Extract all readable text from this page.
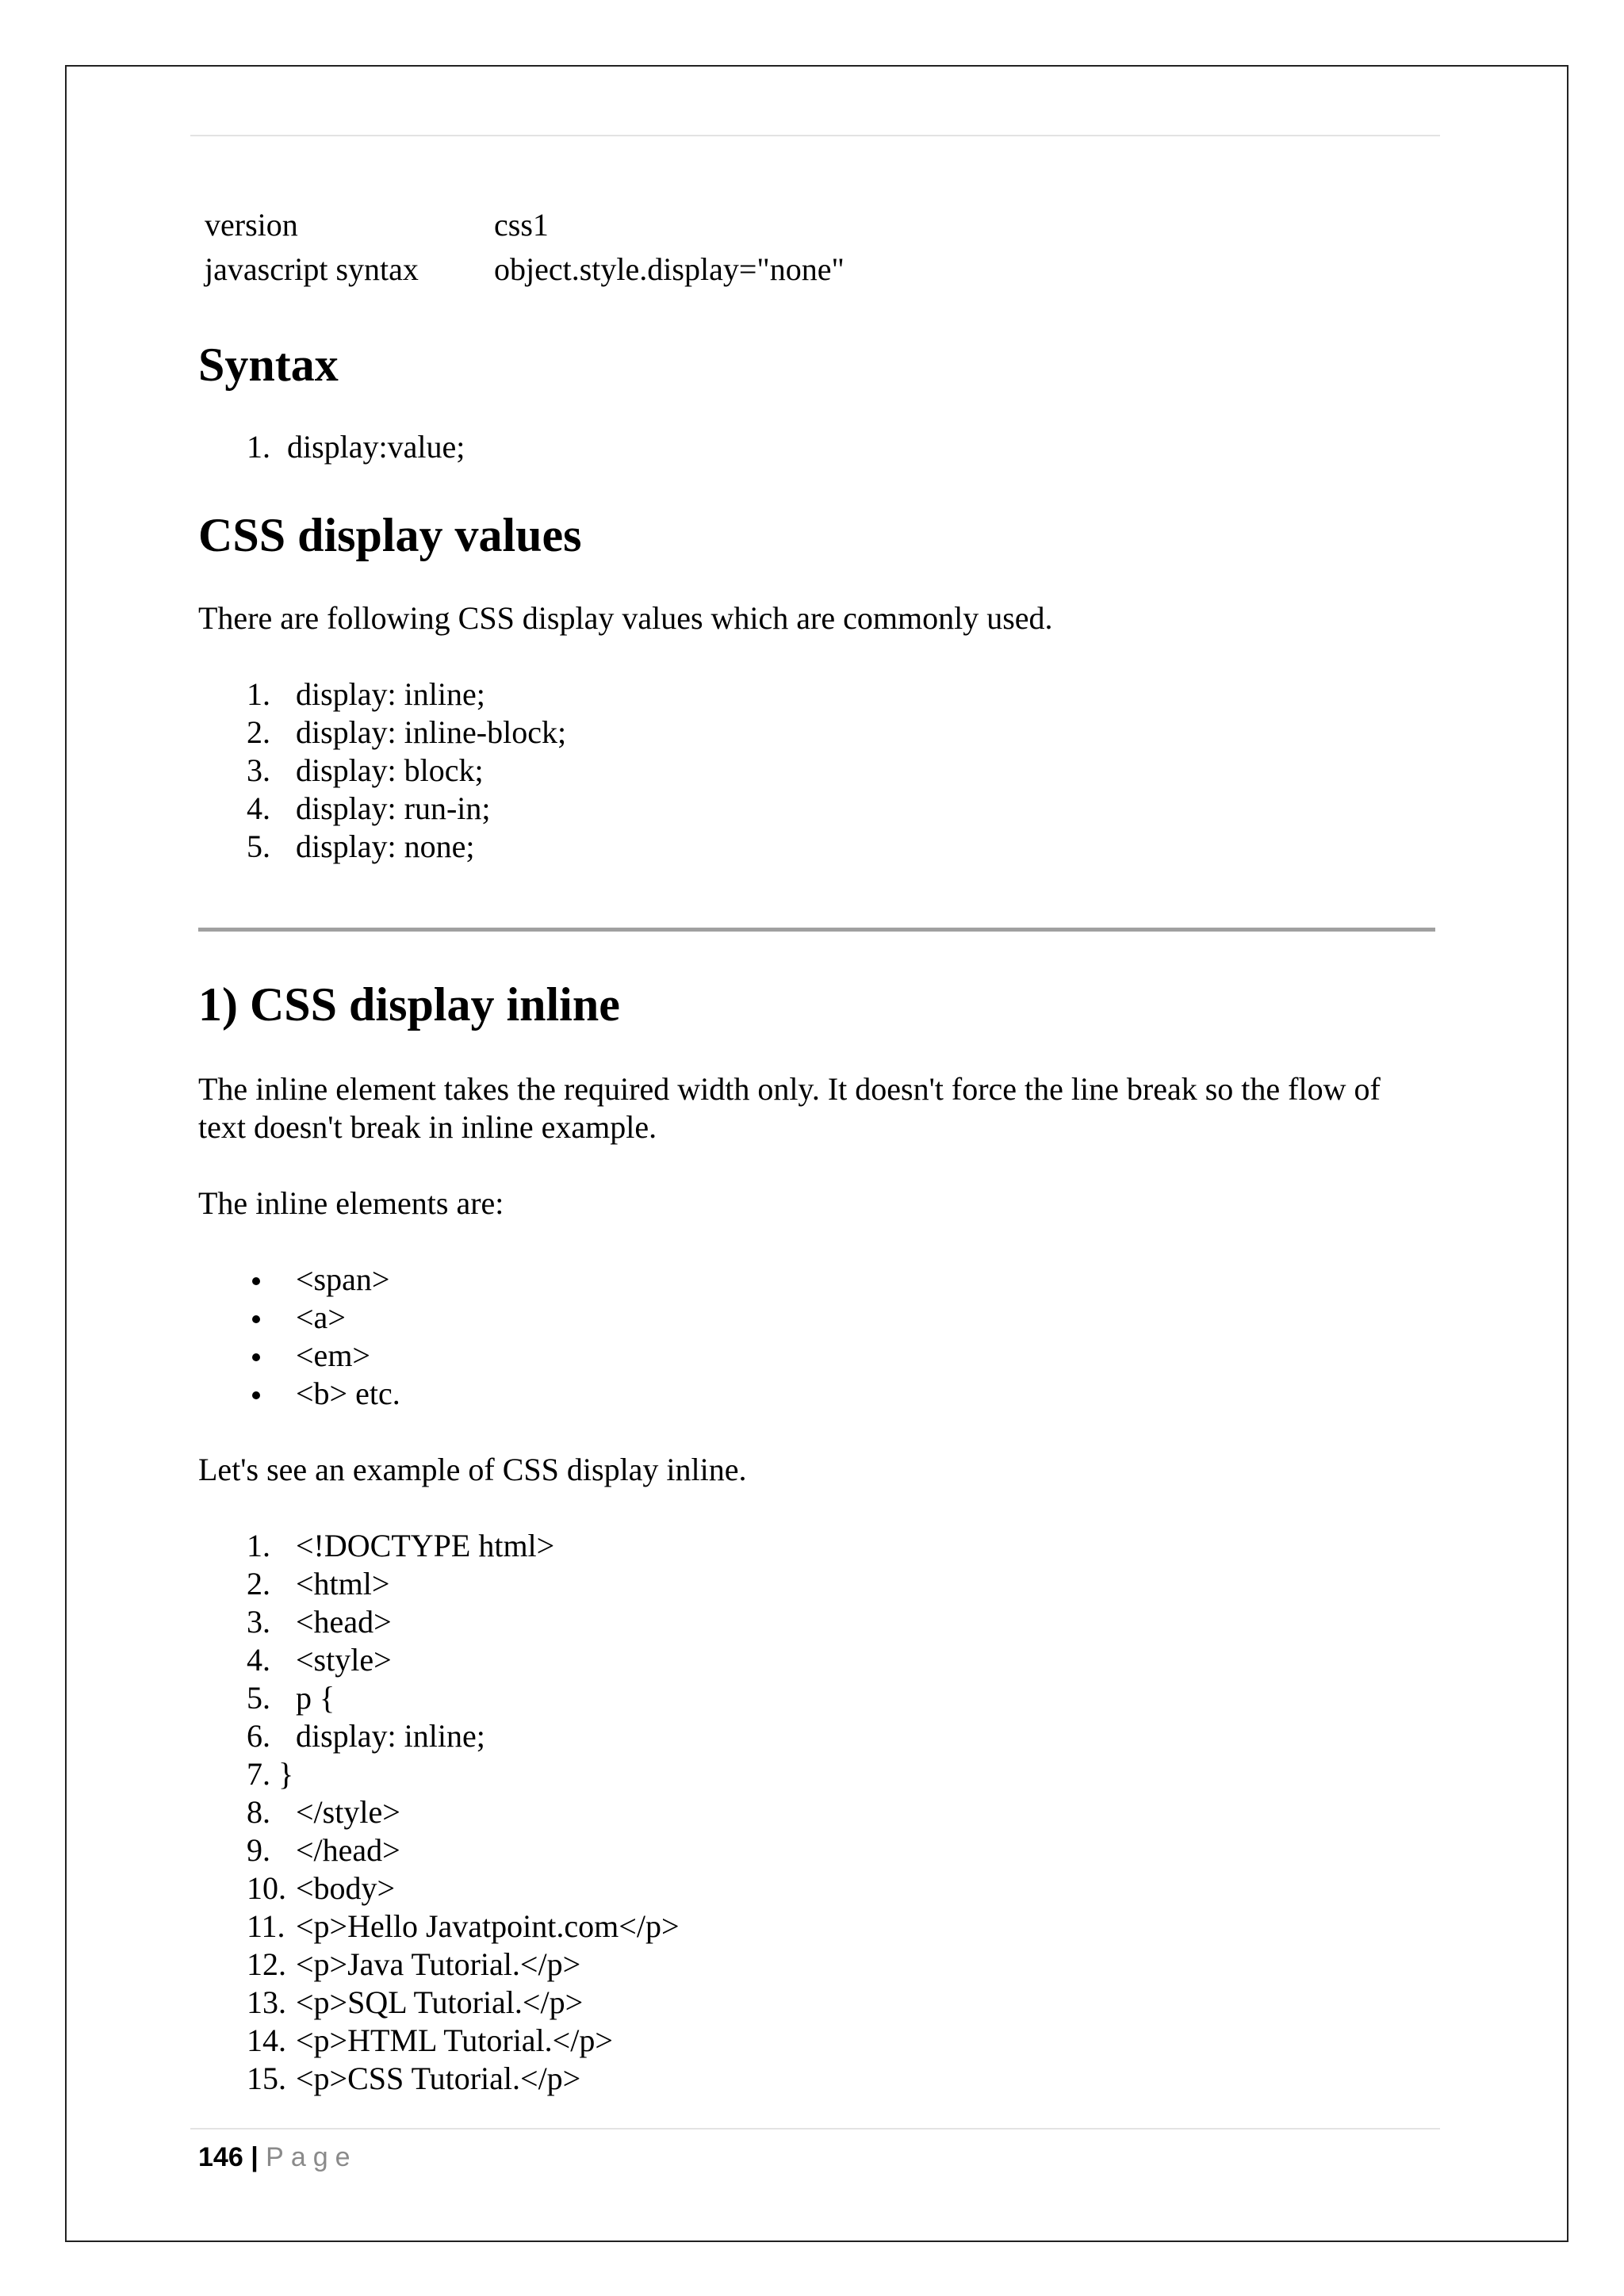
version	css1
javascript syntax object.style.display="none"
Syntax
1. display:value;
CSS display values
There are following CSS display values which are commonly used.
1. display: inline;
2. display: inline-block;
3. display: block;
4. display: run-in;
5. display: none;
1) CSS display inline
The inline element takes the required width only. It doesn't force the line break so the flow of
text doesn't break in inline example.
The inline elements are:
<span>
<a>
<em>
<b> etc.
Let's see an example of CSS display inline.
1. <!DOCTYPE html>
2. <html>
3. <head>
4. <style>
5. p {
6. display: inline;
7. }
8. </style>
9. </head>
10. <body>
11. <p>Hello Javatpoint.com</p>
12. <p>Java Tutorial.</p>
13. <p>SQL Tutorial.</p>
14. <p>HTML Tutorial.</p>
15. <p>CSS Tutorial.</p>
146 | Page
